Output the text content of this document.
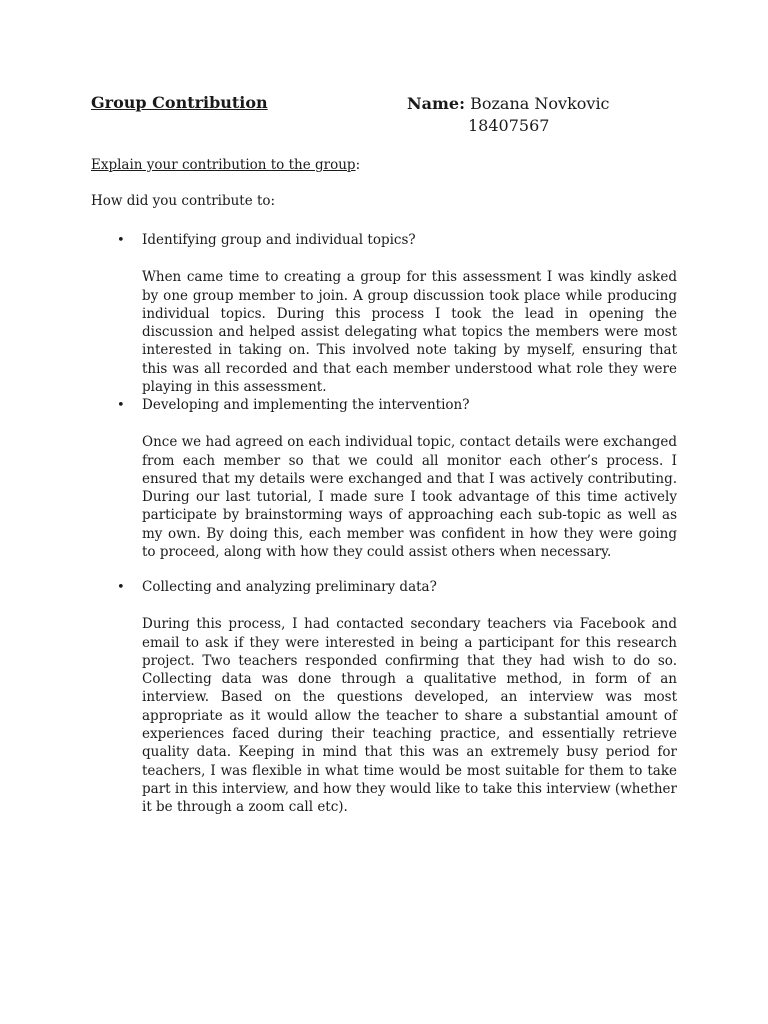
Group Contribution	Name: Bozana Novkovic
18407567

Explain your contribution to the group:

How did you contribute to:

•	Identifying group and individual topics?

When came time to creating a group for this assessment I was kindly asked by one group member to join. A group discussion took place while producing individual topics. During this process I took the lead in opening the discussion and helped assist delegating what topics the members were most interested in taking on. This involved note taking by myself, ensuring that this was all recorded and that each member understood what role they were playing in this assessment.

•	Developing and implementing the intervention?

Once we had agreed on each individual topic, contact details were exchanged from each member so that we could all monitor each other’s process. I ensured that my details were exchanged and that I was actively contributing. During our last tutorial, I made sure I took advantage of this time actively participate by brainstorming ways of approaching each sub-topic as well as my own. By doing this, each member was confident in how they were going to proceed, along with how they could assist others when necessary.

•	Collecting and analyzing preliminary data?

During this process, I had contacted secondary teachers via Facebook and email to ask if they were interested in being a participant for this research project. Two teachers responded confirming that they had wish to do so. Collecting data was done through a qualitative method, in form of an interview. Based on the questions developed, an interview was most appropriate as it would allow the teacher to share a substantial amount of experiences faced during their teaching practice, and essentially retrieve quality data. Keeping in mind that this was an extremely busy period for teachers, I was flexible in what time would be most suitable for them to take part in this interview, and how they would like to take this interview (whether it be through a zoom call etc).
